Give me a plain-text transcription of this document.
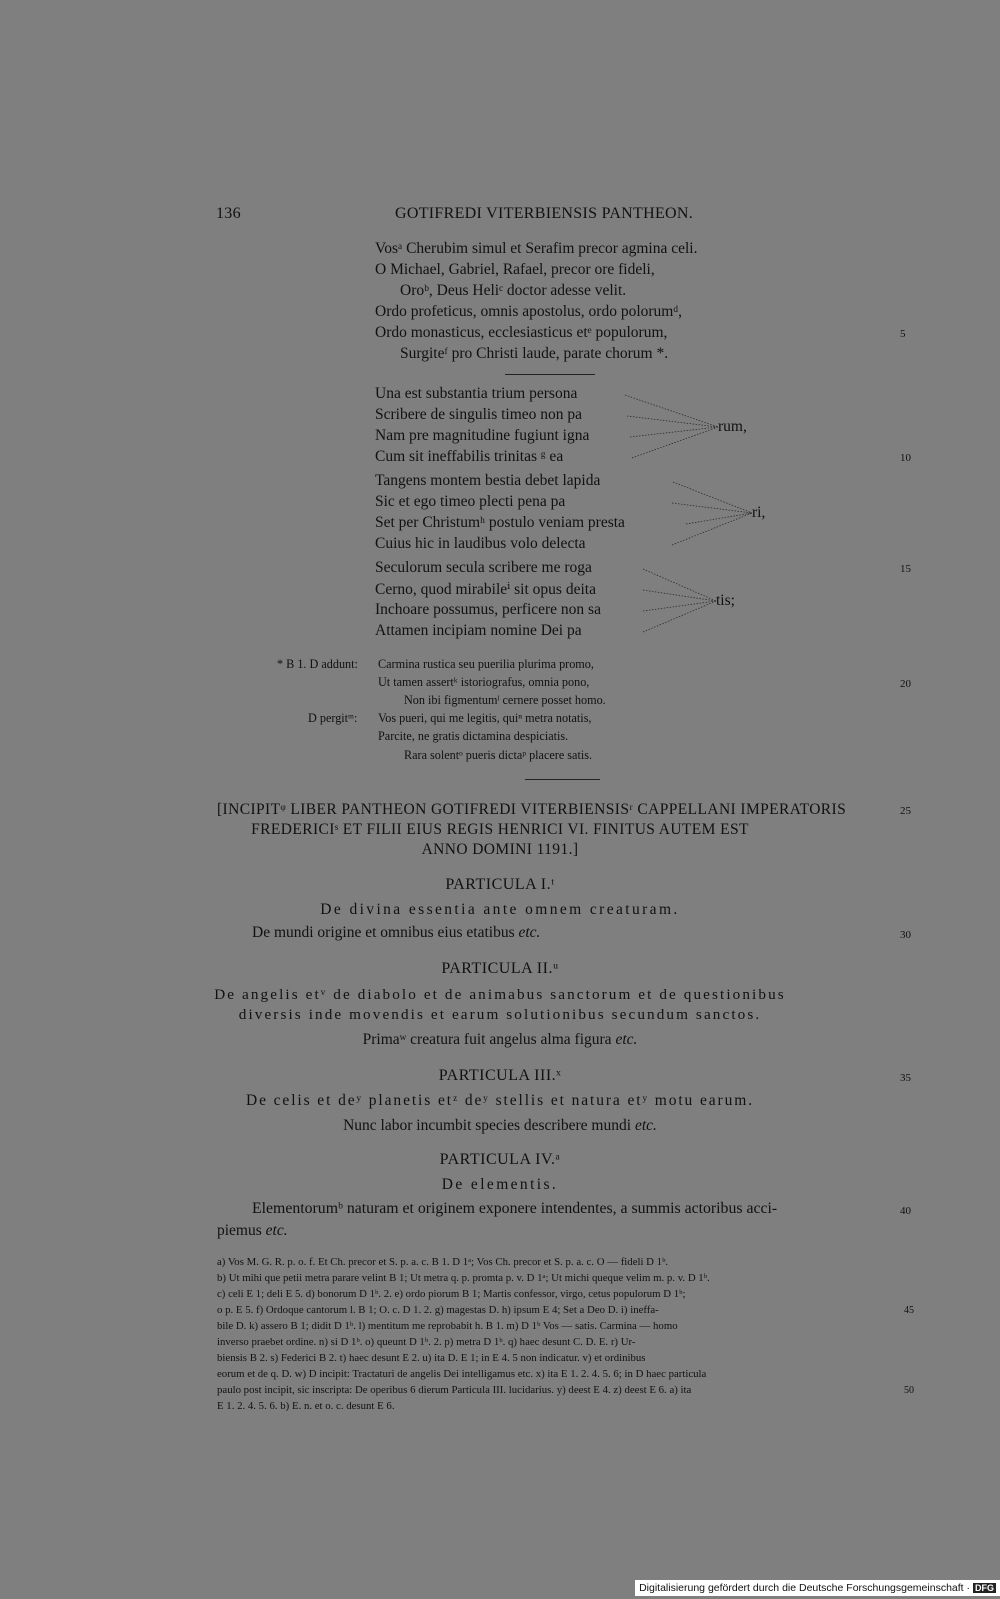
136	GOTIFREDI VITERBIENSIS PANTHEON.
Vosᵃ Cherubim simul et Serafim precor agmina celi.
O Michael, Gabriel, Rafael, precor ore fideli,
Oroᵇ, Deus Heliᶜ doctor adesse velit.
Ordo profeticus, omnis apostolus, ordo polorumᵈ,
Ordo monasticus, ecclesiasticus etᵉ populorum,	5
Surgiteᶠ pro Christi laude, parate chorum *.
Una est substantia trium persona
Scribere de singulis timeo non pa
Nam pre magnitudine fugiunt igna
Cum sit ineffabilis trinitas ᵍ ea	10
Tangens montem bestia debet lapida
Sic et ego timeo plecti pena pa
Set per Christumʰ postulo veniam presta
Cuius hic in laudibus volo delecta
Seculorum secula scribere me roga	15
Cerno, quod mirabileⁱ sit opus deita
Inchoare possumus, perficere non sa
Attamen incipiam nomine Dei pa
rum,
ri,
tis;
* B 1. D addunt: Carmina rustica seu puerilia plurima promo,
Ut tamen assertᵏ istoriografus, omnia pono,	20
Non ibi figmentumˡ cernere posset homo.
D pergitᵐ: Vos pueri, qui me legitis, quiⁿ metra notatis,
Parcite, ne gratis dictamina despiciatis.
Rara solentᵒ pueris dictaᵖ placere satis.
[INCIPITᵠ LIBER PANTHEON GOTIFREDI VITERBIENSISʳ CAPPELLANI IMPERATORIS	25
FREDERICIˢ ET FILII EIUS REGIS HENRICI VI. FINITUS AUTEM EST
ANNO DOMINI 1191.]
PARTICULA I.ᵗ
De divina essentia ante omnem creaturam.
De mundi origine et omnibus eius etatibus etc.	30
PARTICULA II.ᵘ
De angelis etᵛ de diabolo et de animabus sanctorum et de questionibus
diversis inde movendis et earum solutionibus secundum sanctos.
Primaʷ creatura fuit angelus alma figura etc.
PARTICULA III.ˣ	35
De celis et deʸ planetis etᶻ deʸ stellis et natura etʸ motu earum.
Nunc labor incumbit species describere mundi etc.
PARTICULA IV.ᵃ
De elementis.
Elementorumᵇ naturam et originem exponere intendentes, a summis actoribus acci-	40
piemus etc.
a) Vos M. G. R. p. o. f. Et Ch. precor et S. p. a. c. B 1. D 1ᵃ; Vos Ch. precor et S. p. a. c. O — fideli D 1ᵇ.
b) Ut mihi que petii metra parare velint B 1; Ut metra q. p. promta p. v. D 1ᵃ; Ut michi queque velim m. p. v. D 1ᵇ.
c) celi E 1; deli E 5. d) bonorum D 1ᵇ. 2. e) ordo piorum B 1; Martis confessor, virgo, cetus populorum D 1ᵇ;
o p. E 5. f) Ordoque cantorum l. B 1; O. c. D 1. 2. g) magestas D. h) ipsum E 4; Set a Deo D. i) ineffa-	45
bile D. k) assero B 1; didit D 1ᵇ. l) mentitum me reprobabit h. B 1. m) D 1ᵇ Vos — satis. Carmina — homo
inverso praebet ordine. n) si D 1ᵇ. o) queunt D 1ᵇ. 2. p) metra D 1ᵇ. q) haec desunt C. D. E. r) Ur-
biensis B 2. s) Federici B 2. t) haec desunt E 2. u) ita D. E 1; in E 4. 5 non indicatur. v) et ordinibus
eorum et de q. D. w) D incipit: Tractaturi de angelis Dei intelligamus etc. x) ita E 1. 2. 4. 5. 6; in D haec particula
paulo post incipit, sic inscripta: De operibus 6 dierum Particula III. lucidarius. y) deest E 4. z) deest E 6. a) ita	50
E 1. 2. 4. 5. 6. b) E. n. et o. c. desunt E 6.
Digitalisierung gefördert durch die Deutsche Forschungsgemeinschaft · DFG
